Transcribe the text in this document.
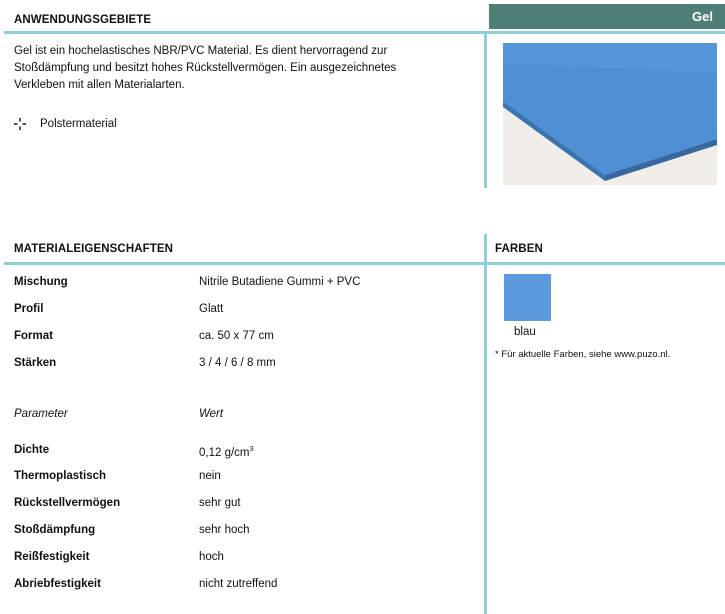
ANWENDUNGSGEBIETE	Gel
Gel ist ein hochelastisches NBR/PVC Material. Es dient hervorragend zur
Stoßdämpfung und besitzt hohes Rückstellvermögen. Ein ausgezeichnetes
Verkleben mit allen Materialarten.
Polstermaterial
MATERIALEIGENSCHAFTEN	FARBEN
Mischung	Nitrile Butadiene Gummi + PVC
Profil	Glatt
Format	ca. 50 x 77 cm
Stärken	3 / 4 / 6 / 8 mm
Parameter	Wert
Dichte	0,12 $g/cm^3$
Thermoplastisch	nein
Rückstellvermögen	sehr gut
Stoßdämpfung	sehr hoch
Reißfestigkeit	hoch
Abriebfestigkeit	nicht zutreffend
blau
* Für aktuelle Farben, siehe www.puzo.nl.
